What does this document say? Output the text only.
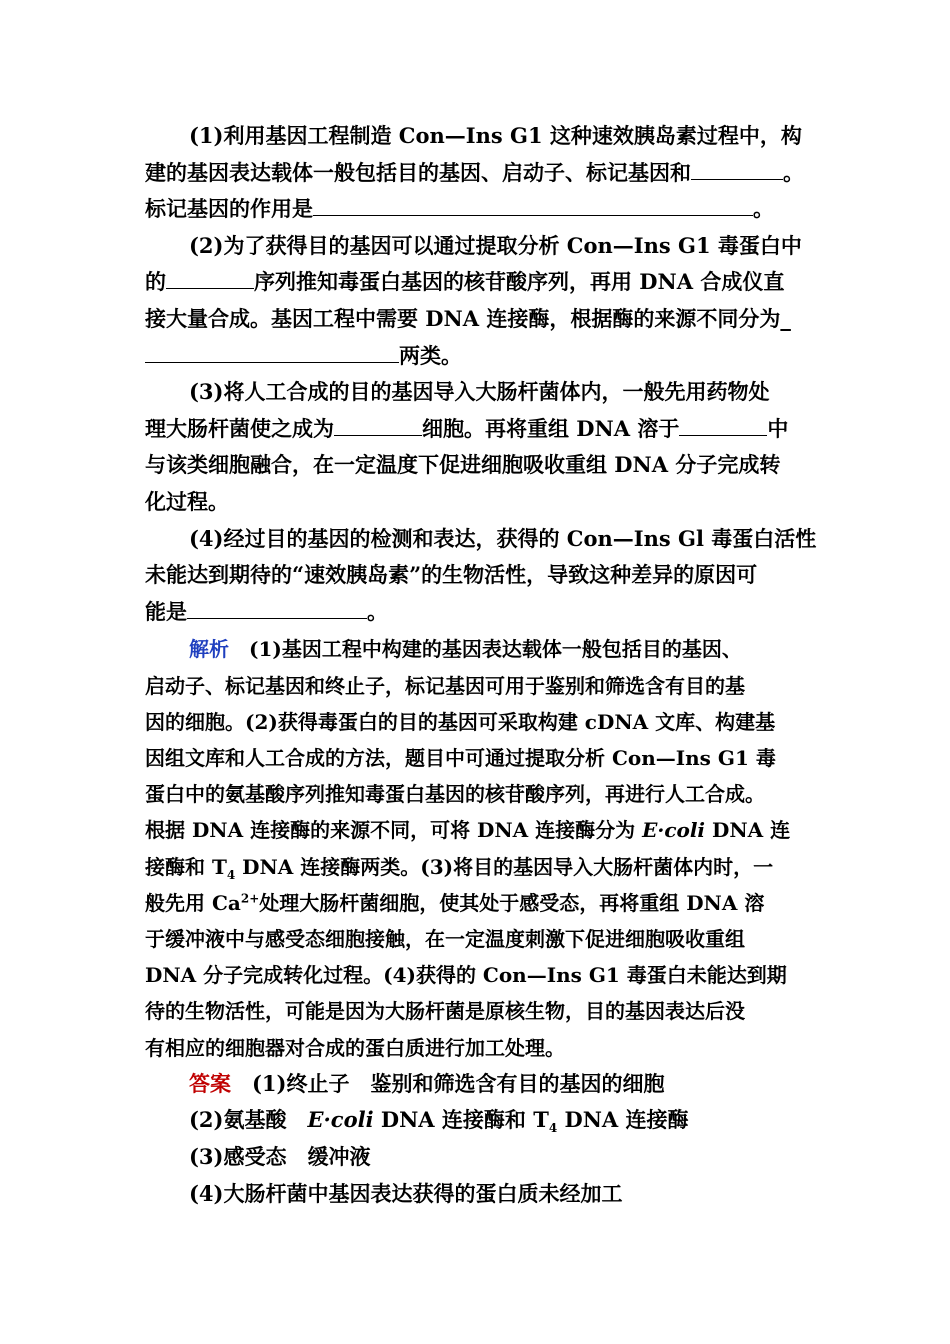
(1)利用基因工程制造 Con—Ins G1 这种速效胰岛素过程中，构

建的基因表达载体一般包括目的基因、启动子、标记基因和	。

标记基因的作用是	。

(2)为了获得目的基因可以通过提取分析 Con—Ins G1 毒蛋白中

的	序列推知毒蛋白基因的核苷酸序列，再用 DNA 合成仪直

接大量合成。基因工程中需要 DNA 连接酶，根据酶的来源不同分为_

两类。

(3)将人工合成的目的基因导入大肠杆菌体内，一般先用药物处

理大肠杆菌使之成为	细胞。再将重组 DNA 溶于	中

与该类细胞融合，在一定温度下促进细胞吸收重组 DNA 分子完成转

化过程。

(4)经过目的基因的检测和表达，获得的 Con—Ins Gl 毒蛋白活性

未能达到期待的“速效胰岛素”的生物活性，导致这种差异的原因可

能是	。

解析　(1)基因工程中构建的基因表达载体一般包括目的基因、

启动子、标记基因和终止子，标记基因可用于鉴别和筛选含有目的基

因的细胞。(2)获得毒蛋白的目的基因可采取构建 cDNA 文库、构建基

因组文库和人工合成的方法，题目中可通过提取分析 Con—Ins G1 毒

蛋白中的氨基酸序列推知毒蛋白基因的核苷酸序列，再进行人工合成。

根据 DNA 连接酶的来源不同，可将 DNA 连接酶分为 E·coli DNA 连

接酶和 $T_4$ DNA 连接酶两类。(3)将目的基因导入大肠杆菌体内时，一

般先用 $Ca^{2+}$处理大肠杆菌细胞，使其处于感受态，再将重组 DNA 溶

于缓冲液中与感受态细胞接触，在一定温度刺激下促进细胞吸收重组

DNA 分子完成转化过程。(4)获得的 Con—Ins G1 毒蛋白未能达到期

待的生物活性，可能是因为大肠杆菌是原核生物，目的基因表达后没

有相应的细胞器对合成的蛋白质进行加工处理。

答案　(1)终止子　鉴别和筛选含有目的基因的细胞

(2)氨基酸　E·coli DNA 连接酶和 $T_4$ DNA 连接酶

(3)感受态　缓冲液

(4)大肠杆菌中基因表达获得的蛋白质未经加工
